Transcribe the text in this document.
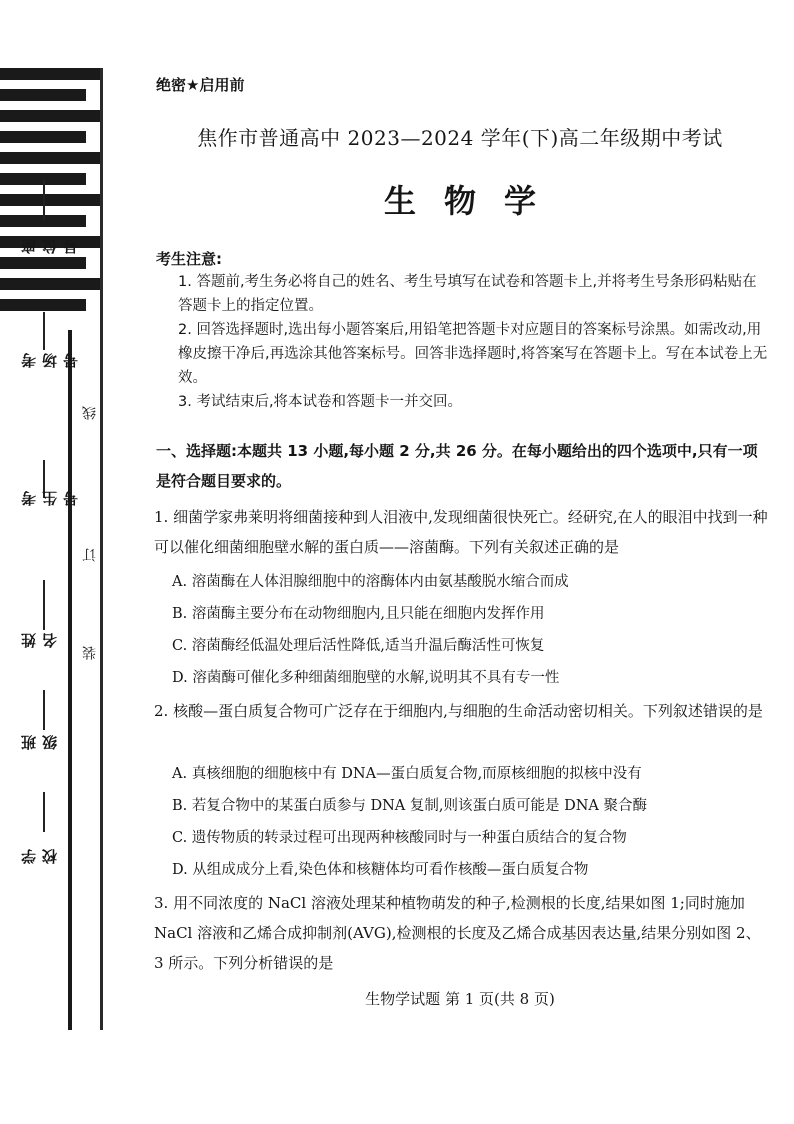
座位号
考场号
考生号
姓名
班级
学校
线
订
装
绝密★启用前
焦作市普通高中 2023—2024 学年(下)高二年级期中考试
生物学
考生注意:
1. 答题前,考生务必将自己的姓名、考生号填写在试卷和答题卡上,并将考生号条形码粘贴在答题卡上的指定位置。
2. 回答选择题时,选出每小题答案后,用铅笔把答题卡对应题目的答案标号涂黑。如需改动,用橡皮擦干净后,再选涂其他答案标号。回答非选择题时,将答案写在答题卡上。写在本试卷上无效。
3. 考试结束后,将本试卷和答题卡一并交回。
一、选择题:本题共 13 小题,每小题 2 分,共 26 分。在每小题给出的四个选项中,只有一项是符合题目要求的。
1. 细菌学家弗莱明将细菌接种到人泪液中,发现细菌很快死亡。经研究,在人的眼泪中找到一种可以催化细菌细胞壁水解的蛋白质——溶菌酶。下列有关叙述正确的是
A. 溶菌酶在人体泪腺细胞中的溶酶体内由氨基酸脱水缩合而成
B. 溶菌酶主要分布在动物细胞内,且只能在细胞内发挥作用
C. 溶菌酶经低温处理后活性降低,适当升温后酶活性可恢复
D. 溶菌酶可催化多种细菌细胞壁的水解,说明其不具有专一性
2. 核酸—蛋白质复合物可广泛存在于细胞内,与细胞的生命活动密切相关。下列叙述错误的是
A. 真核细胞的细胞核中有 DNA—蛋白质复合物,而原核细胞的拟核中没有
B. 若复合物中的某蛋白质参与 DNA 复制,则该蛋白质可能是 DNA 聚合酶
C. 遗传物质的转录过程可出现两种核酸同时与一种蛋白质结合的复合物
D. 从组成成分上看,染色体和核糖体均可看作核酸—蛋白质复合物
3. 用不同浓度的 NaCl 溶液处理某种植物萌发的种子,检测根的长度,结果如图 1;同时施加 NaCl 溶液和乙烯合成抑制剂(AVG),检测根的长度及乙烯合成基因表达量,结果分别如图 2、3 所示。下列分析错误的是
生物学试题 第 1 页(共 8 页)
